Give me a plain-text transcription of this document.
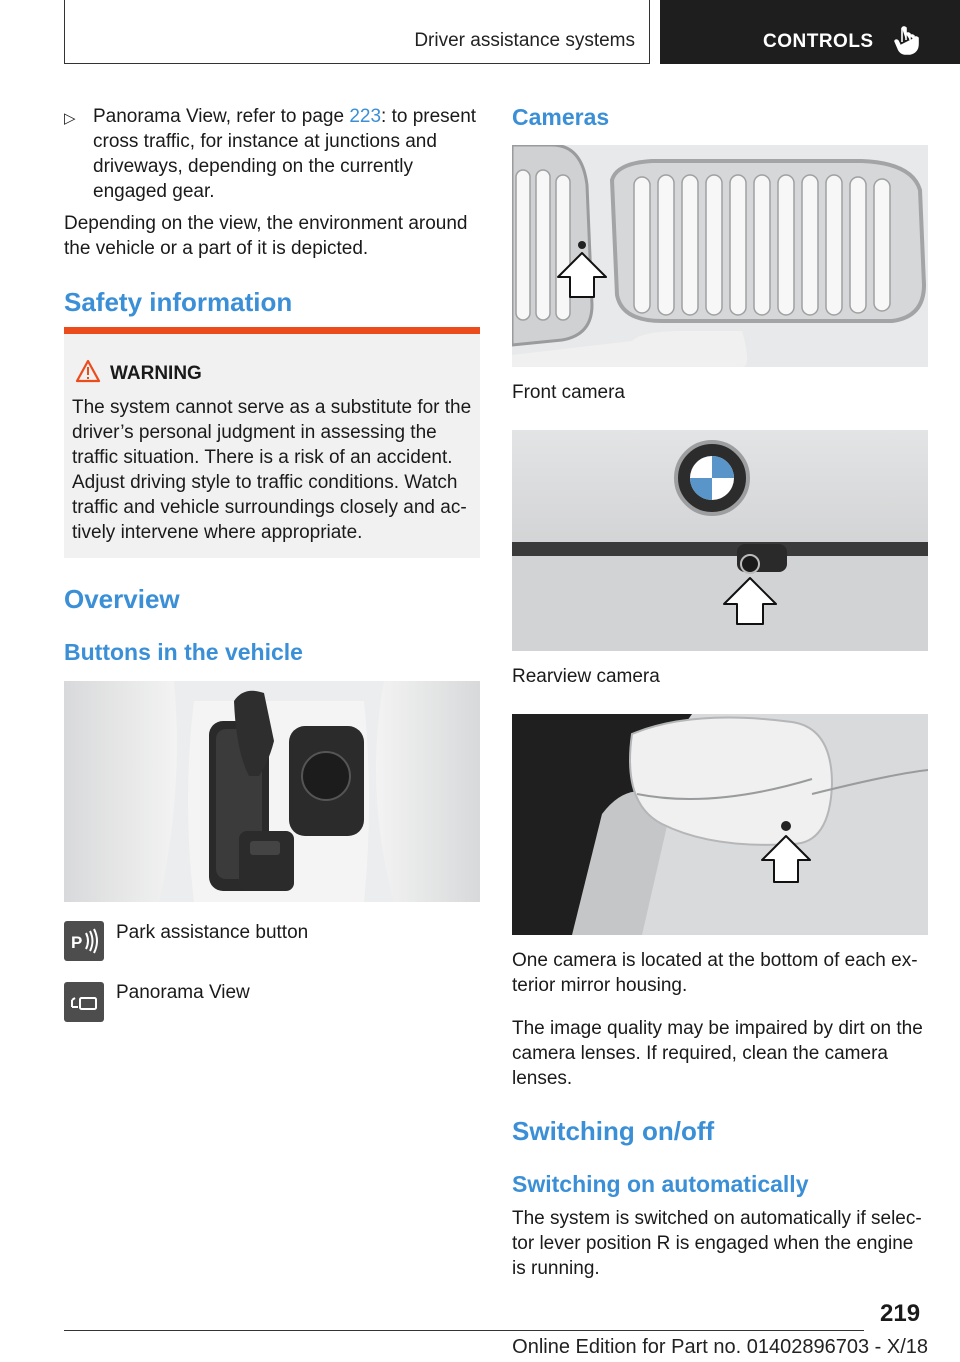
Driver assistance systems	CONTROLS
▷ Panorama View, refer to page 223: to present cross traffic, for instance at junctions and driveways, depending on the currently engaged gear.
Depending on the view, the environment around the vehicle or a part of it is depicted.
Safety information
WARNING
The system cannot serve as a substitute for the driver’s personal judgment in assessing the traffic situation. There is a risk of an accident. Adjust driving style to traffic conditions. Watch traffic and vehicle surroundings closely and ac-tively intervene where appropriate.
Overview
Buttons in the vehicle
P Park assistance button
Panorama View
Cameras
Front camera
Rearview camera
One camera is located at the bottom of each ex-terior mirror housing.
The image quality may be impaired by dirt on the camera lenses. If required, clean the camera lenses.
Switching on/off
Switching on automatically
The system is switched on automatically if selec-tor lever position R is engaged when the engine is running.
219
Online Edition for Part no. 01402896703 - X/18
